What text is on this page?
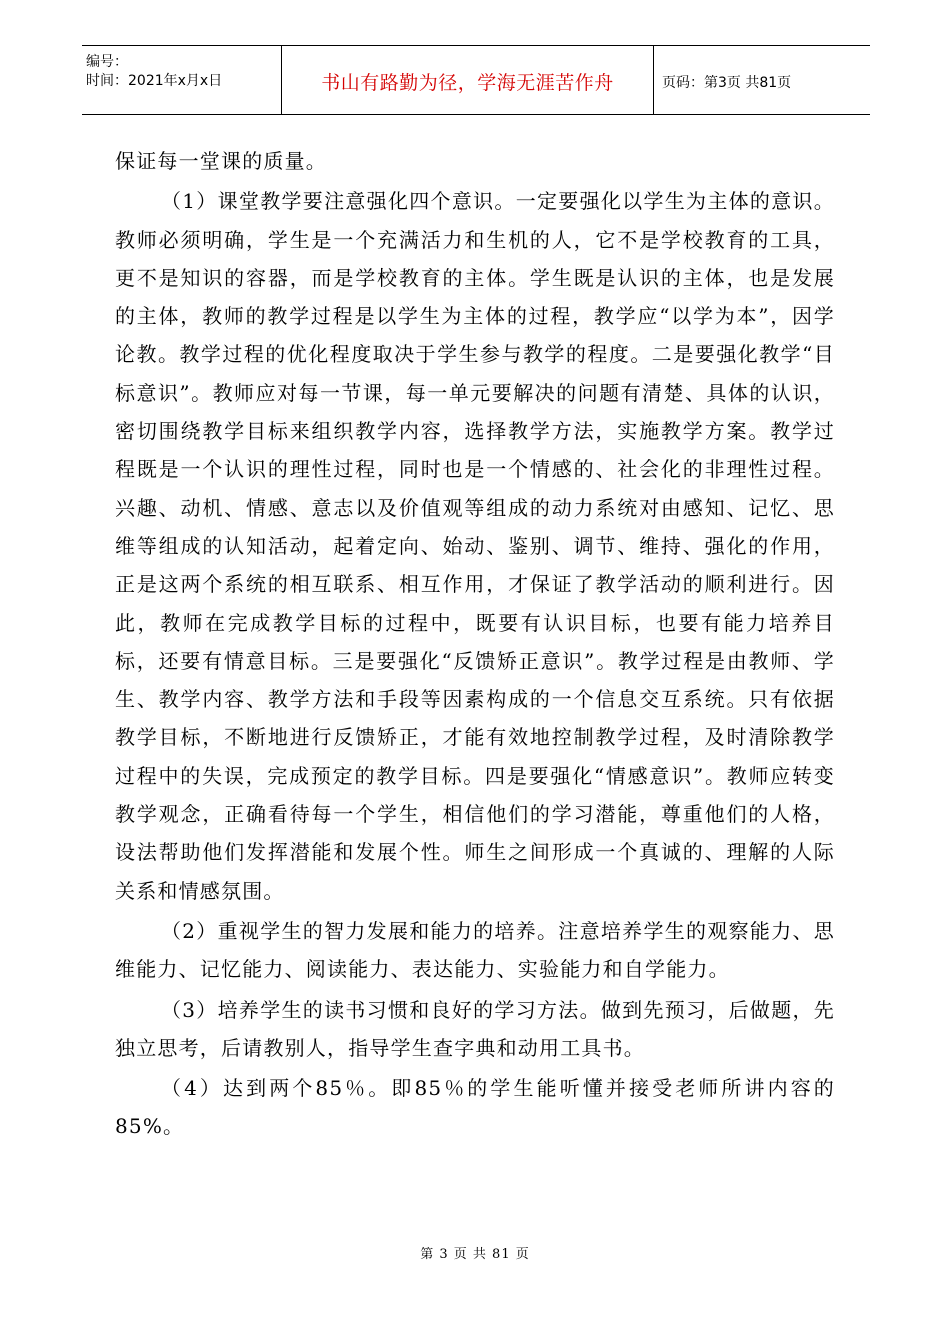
编号：
时间：2021年x月x日	书山有路勤为径，学海无涯苦作舟	页码：第3页 共81页

保证每一堂课的质量。

（1）课堂教学要注意强化四个意识。一定要强化以学生为主体的意识。教师必须明确，学生是一个充满活力和生机的人，它不是学校教育的工具，更不是知识的容器，而是学校教育的主体。学生既是认识的主体，也是发展的主体，教师的教学过程是以学生为主体的过程，教学应“以学为本”，因学论教。教学过程的优化程度取决于学生参与教学的程度。二是要强化教学“目标意识”。教师应对每一节课，每一单元要解决的问题有清楚、具体的认识，密切围绕教学目标来组织教学内容，选择教学方法，实施教学方案。教学过程既是一个认识的理性过程，同时也是一个情感的、社会化的非理性过程。兴趣、动机、情感、意志以及价值观等组成的动力系统对由感知、记忆、思维等组成的认知活动，起着定向、始动、鉴别、调节、维持、强化的作用，正是这两个系统的相互联系、相互作用，才保证了教学活动的顺利进行。因此，教师在完成教学目标的过程中，既要有认识目标，也要有能力培养目标，还要有情意目标。三是要强化“反馈矫正意识”。教学过程是由教师、学生、教学内容、教学方法和手段等因素构成的一个信息交互系统。只有依据教学目标，不断地进行反馈矫正，才能有效地控制教学过程，及时清除教学过程中的失误，完成预定的教学目标。四是要强化“情感意识”。教师应转变教学观念，正确看待每一个学生，相信他们的学习潜能，尊重他们的人格，设法帮助他们发挥潜能和发展个性。师生之间形成一个真诚的、理解的人际关系和情感氛围。

（2）重视学生的智力发展和能力的培养。注意培养学生的观察能力、思维能力、记忆能力、阅读能力、表达能力、实验能力和自学能力。

（3）培养学生的读书习惯和良好的学习方法。做到先预习，后做题，先独立思考，后请教别人，指导学生查字典和动用工具书。

（4）达到两个85％。即85％的学生能听懂并接受老师所讲内容的85%。

第 3 页 共 81 页
